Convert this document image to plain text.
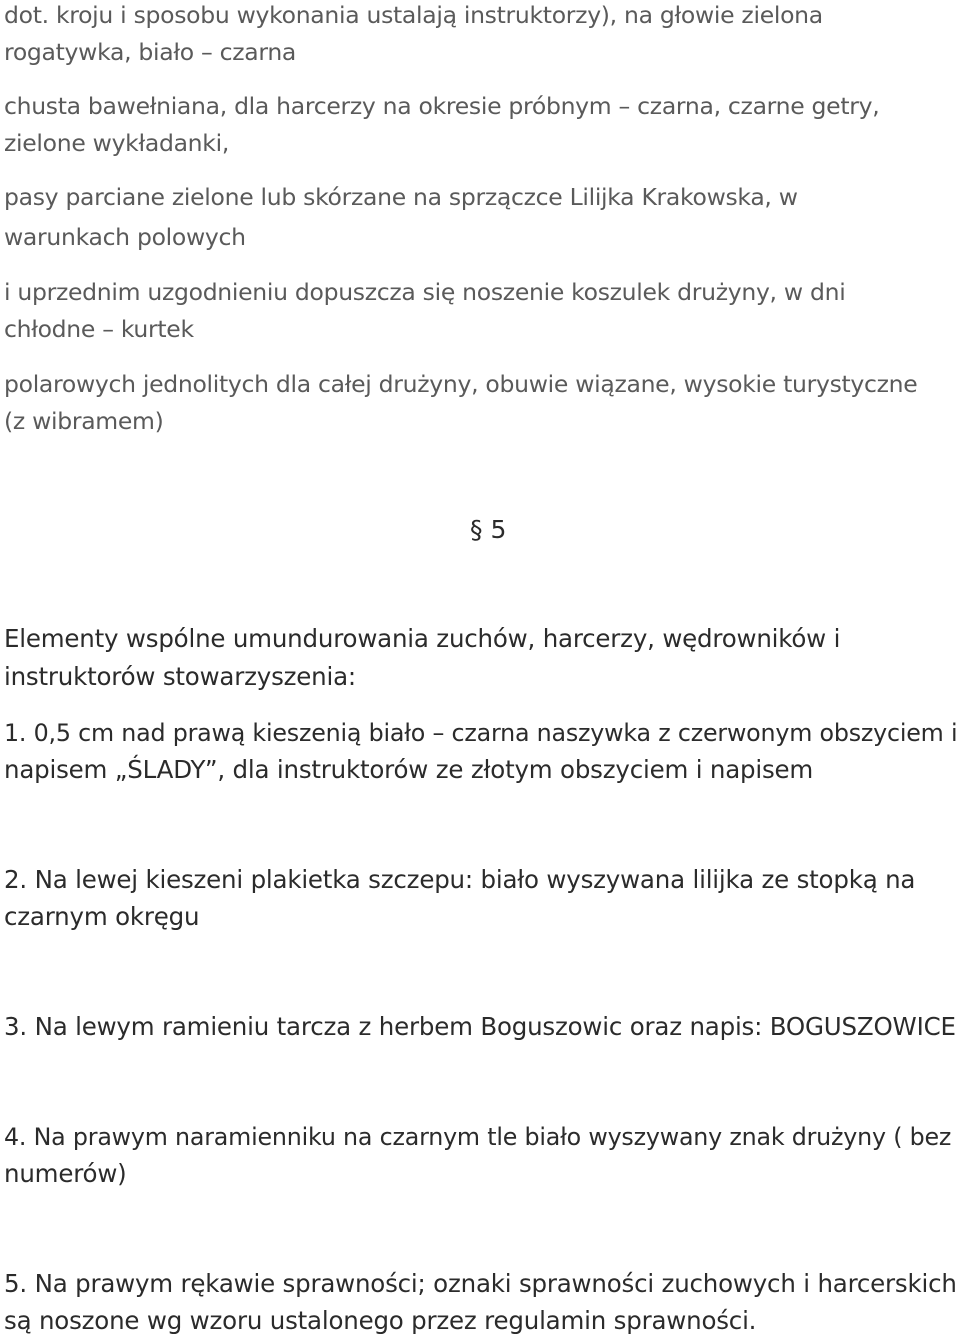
dot. kroju i sposobu wykonania ustalają instruktorzy), na głowie zielona
rogatywka, biało – czarna
chusta bawełniana, dla harcerzy na okresie próbnym – czarna, czarne getry,
zielone wykładanki,
pasy parciane zielone lub skórzane na sprzączce Lilijka Krakowska, w
warunkach polowych
i uprzednim uzgodnieniu dopuszcza się noszenie koszulek drużyny, w dni
chłodne – kurtek
polarowych jednolitych dla całej drużyny, obuwie wiązane, wysokie turystyczne
(z wibramem)
§ 5
Elementy wspólne umundurowania zuchów, harcerzy, wędrowników i
instruktorów stowarzyszenia:
1. 0,5 cm nad prawą kieszenią biało – czarna naszywka z czerwonym obszyciem i
napisem „ŚLADY”, dla instruktorów ze złotym obszyciem i napisem
2. Na lewej kieszeni plakietka szczepu: biało wyszywana lilijka ze stopką na
czarnym okręgu
3. Na lewym ramieniu tarcza z herbem Boguszowic oraz napis: BOGUSZOWICE
4. Na prawym naramienniku na czarnym tle biało wyszywany znak drużyny ( bez
numerów)
5. Na prawym rękawie sprawności; oznaki sprawności zuchowych i harcerskich
są noszone wg wzoru ustalonego przez regulamin sprawności.
